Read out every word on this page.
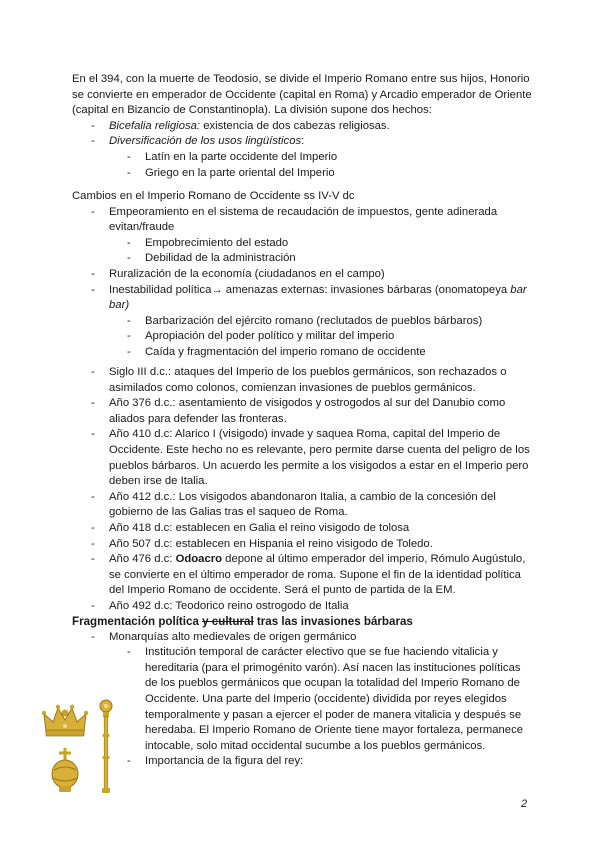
En el 394, con la muerte de Teodosio, se divide el Imperio Romano entre sus hijos, Honorio

se convierte en emperador de Occidente (capital en Roma) y Arcadio emperador de Oriente

(capital en Bizancio de Constantinopla). La división supone dos hechos:

- Bicefalia religiosa: existencia de dos cabezas religiosas.
- Diversificación de los usos lingüísticos:
- Latín en la parte occidente del Imperio
- Griego en la parte oriental del Imperio

Cambios en el Imperio Romano de Occidente ss IV-V dc

- Empeoramiento en el sistema de recaudación de impuestos, gente adinerada
evitan/fraude
- Empobrecimiento del estado
- Debilidad de la administración
- Ruralización de la economía (ciudadanos en el campo)
- Inestabilidad política→ amenazas externas: invasiones bárbaras (onomatopeya bar
bar)
- Barbarización del ejército romano (reclutados de pueblos bárbaros)
- Apropiación del poder político y militar del imperio
- Caída y fragmentación del imperio romano de occidente
- Siglo III d.c.: ataques del Imperio de los pueblos germánicos, son rechazados o
asimilados como colonos, comienzan invasiones de pueblos germánicos.
- Año 376 d.c.: asentamiento de visigodos y ostrogodos al sur del Danubio como
aliados para defender las fronteras.
- Año 410 d.c: Alarico I (visigodo) invade y saquea Roma, capital del Imperio de
Occidente. Este hecho no es relevante, pero permite darse cuenta del peligro de los
pueblos bárbaros. Un acuerdo les permite a los visigodos a estar en el Imperio pero
deben irse de Italia.
- Año 412 d.c.: Los visigodos abandonaron Italia, a cambio de la concesión del
gobierno de las Galias tras el saqueo de Roma.
- Año 418 d.c: establecen en Galia el reino visigodo de tolosa
- Año 507 d.c: establecen en Hispania el reino visigodo de Toledo.
- Año 476 d.c: Odoacro depone al último emperador del imperio, Rómulo Augústulo,
se convierte en el último emperador de roma. Supone el fin de la identidad política
del Imperio Romano de occidente. Será el punto de partida de la EM.
- Año 492 d.c: Teodorico reino ostrogodo de Italia

Fragmentación política y cultural tras las invasiones bárbaras

- Monarquías alto medievales de origen germánico
- Institución temporal de carácter electivo que se fue haciendo vitalicia y
hereditaria (para el primogénito varón). Así nacen las instituciones políticas
de los pueblos germánicos que ocupan la totalidad del Imperio Romano de
Occidente. Una parte del Imperio (occidente) dividida por reyes elegidos
temporalmente y pasan a ejercer el poder de manera vitalicia y después se
heredaba. El Imperio Romano de Oriente tiene mayor fortaleza, permanece
intocable, solo mitad occidental sucumbe a los pueblos germánicos.
- Importancia de la figura del rey:
2
